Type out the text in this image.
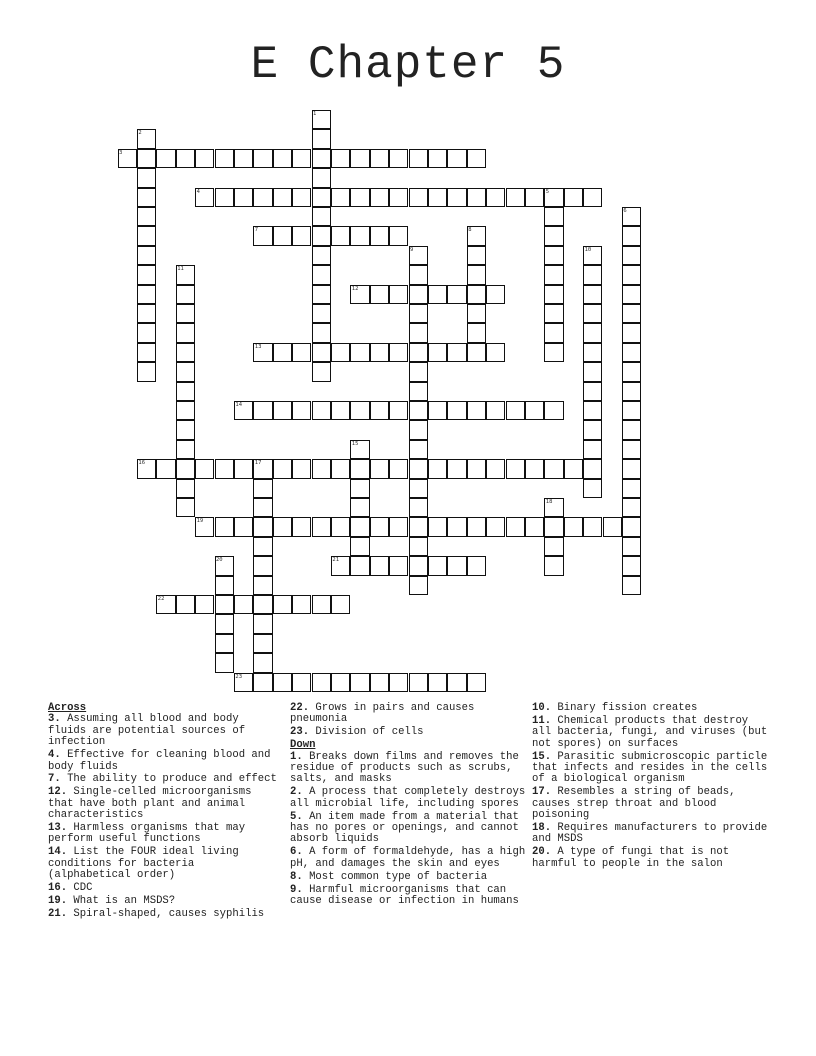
E Chapter 5
1
2
3
4	5
6
7	8
9	10
11
12
13
14
15
16	17
18
19
20	21
22
23
Across
3. Assuming all blood and body fluids are potential sources of infection
4. Effective for cleaning blood and body fluids
7. The ability to produce and effect
12. Single-celled microorganisms that have both plant and animal characteristics
13. Harmless organisms that may perform useful functions
14. List the FOUR ideal living conditions for bacteria (alphabetical order)
16. CDC
19. What is an MSDS?
21. Spiral-shaped, causes syphilis
22. Grows in pairs and causes pneumonia
23. Division of cells
Down
1. Breaks down films and removes the residue of products such as scrubs, salts, and masks
2. A process that completely destroys all microbial life, including spores
5. An item made from a material that has no pores or openings, and cannot absorb liquids
6. A form of formaldehyde, has a high pH, and damages the skin and eyes
8. Most common type of bacteria
9. Harmful microorganisms that can cause disease or infection in humans
10. Binary fission creates
11. Chemical products that destroy all bacteria, fungi, and viruses (but not spores) on surfaces
15. Parasitic submicroscopic particle that infects and resides in the cells of a biological organism
17. Resembles a string of beads, causes strep throat and blood poisoning
18. Requires manufacturers to provide and MSDS
20. A type of fungi that is not harmful to people in the salon
